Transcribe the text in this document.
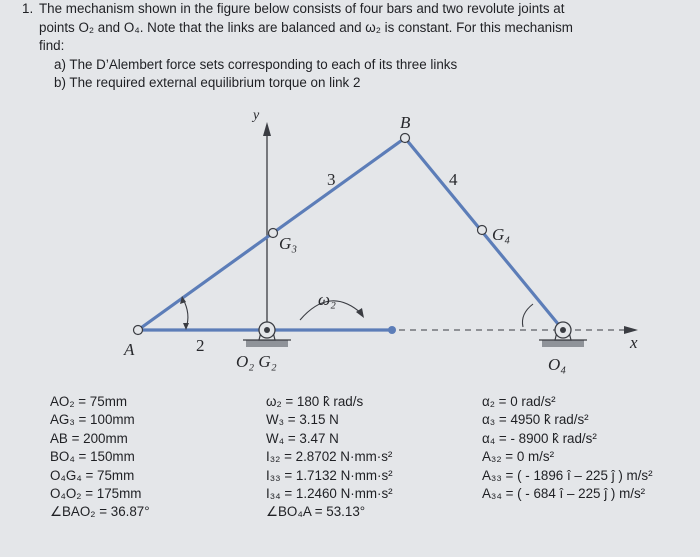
1. The mechanism shown in the figure below consists of four bars and two revolute joints at
points O₂ and O₄. Note that the links are balanced and ω₂ is constant. For this mechanism
find:
a) The D’Alembert force sets corresponding to each of its three links
b) The required external equilibrium torque on link 2
y
x
A
B
2
3	4
G₃	G₄
ω₂
O₂ G₂	O₄
AO₂ = 75mm
AG₃ = 100mm
AB = 200mm
BO₄ = 150mm
O₄G₄ = 75mm
O₄O₂ = 175mm
∠BAO₂ = 36.87°
ω₂ = 180 k̂ rad/s
W₃ = 3.15 N
W₄ = 3.47 N
I₃₂ = 2.8702 N·mm·s²
I₃₃ = 1.7132 N·mm·s²
I₃₄ = 1.2460 N·mm·s²
∠BO₄A = 53.13°
α₂ = 0 rad/s²
α₃ = 4950 k̂ rad/s²
α₄ = - 8900 k̂ rad/s²
A₃₂ = 0 m/s²
A₃₃ = ( - 1896 î – 225 ĵ ) m/s²
A₃₄ = ( - 684 î – 225 ĵ ) m/s²
